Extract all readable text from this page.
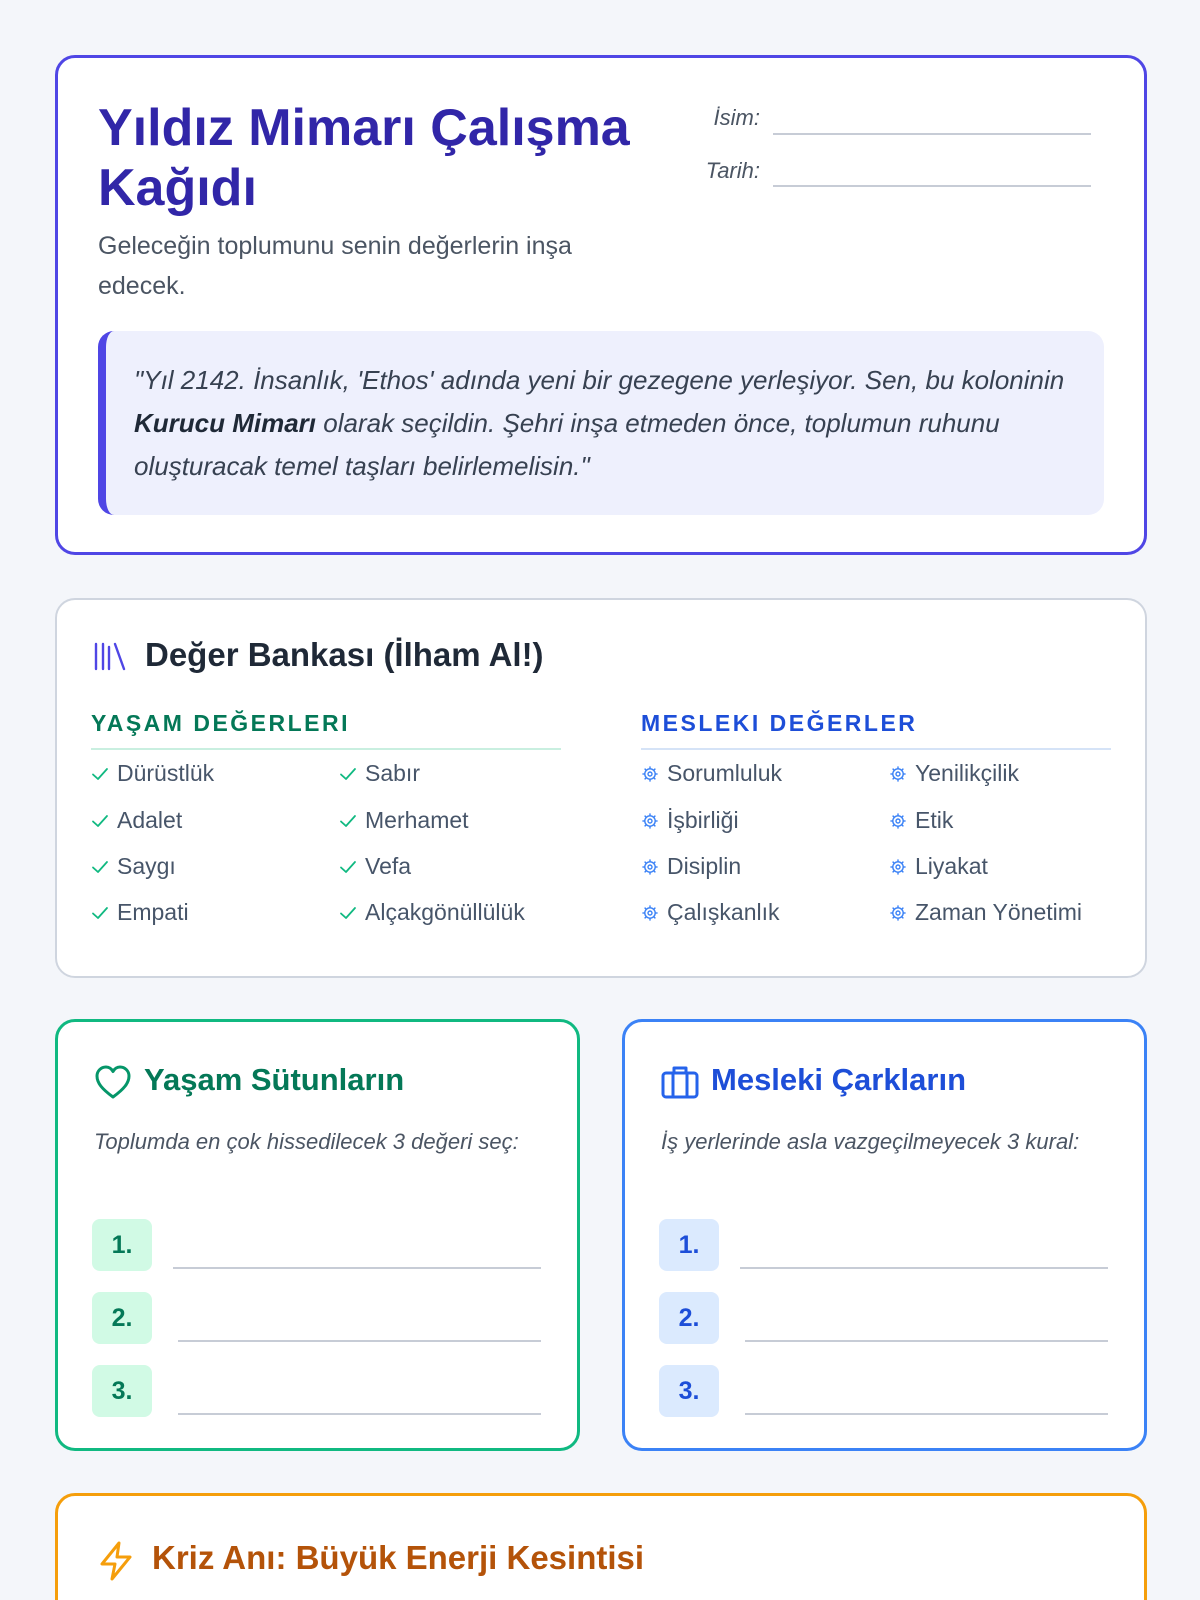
Yıldız Mimarı Çalışma Kağıdı

Geleceğin toplumunu senin değerlerin inşa edecek.

İsim:
Tarih:
"Yıl 2142. İnsanlık, 'Ethos' adında yeni bir gezegene yerleşiyor. Sen, bu koloninin Kurucu Mimarı olarak seçildin. Şehri inşa etmeden önce, toplumun ruhunu oluşturacak temel taşları belirlemelisin."
Değer Bankası (İlham Al!)
YAŞAM DEĞERLERI	MESLEKI DEĞERLER
Dürüstlük	Sabır
Adalet	Merhamet
Saygı	Vefa
Empati	Alçakgönüllülük
Sorumluluk	Yenilikçilik
İşbirliği	Etik
Disiplin	Liyakat
Çalışkanlık	Zaman Yönetimi
Yaşam Sütunların

Toplumda en çok hissedilecek 3 değeri seç:

1.
2.
3.
Mesleki Çarkların

İş yerlerinde asla vazgeçilmeyecek 3 kural:

1.
2.
3.
Kriz Anı: Büyük Enerji Kesintisi
